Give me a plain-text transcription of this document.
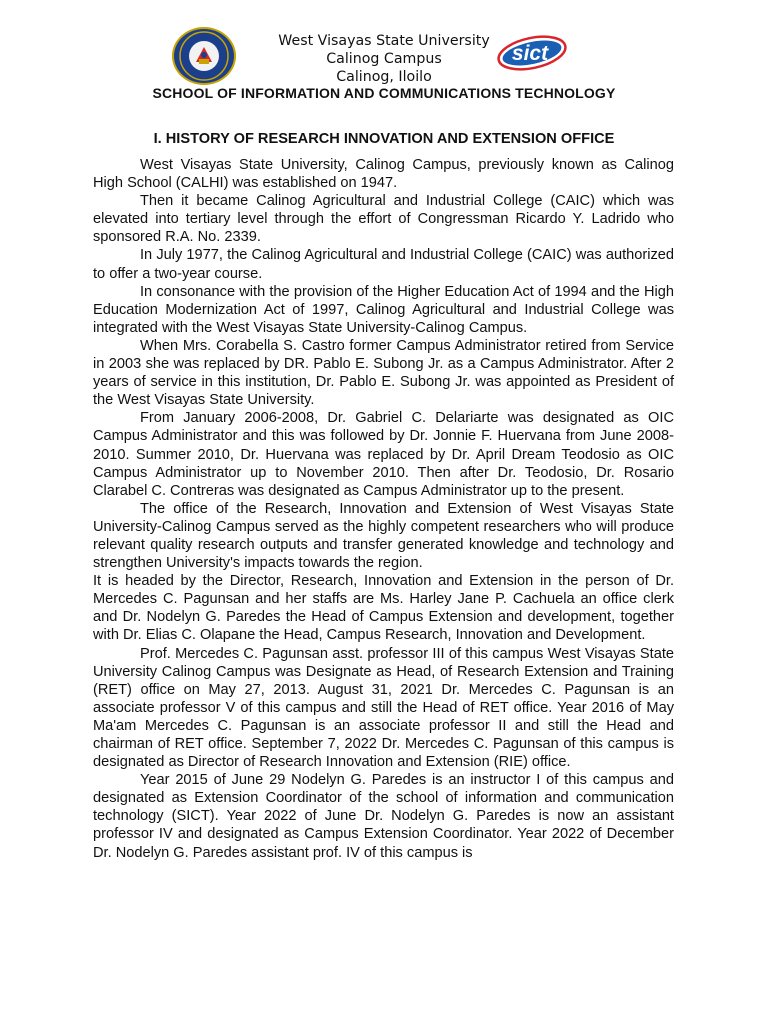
West Visayas State University
Calinog Campus
Calinog, Iloilo
sict
SCHOOL OF INFORMATION AND COMMUNICATIONS TECHNOLOGY
I. HISTORY OF RESEARCH INNOVATION AND EXTENSION OFFICE

West Visayas State University, Calinog Campus, previously known as Calinog High School (CALHI) was established on 1947.

Then it became Calinog Agricultural and Industrial College (CAIC) which was elevated into tertiary level through the effort of Congressman Ricardo Y. Ladrido who sponsored R.A. No. 2339.

In July 1977, the Calinog Agricultural and Industrial College (CAIC) was authorized to offer a two-year course.

In consonance with the provision of the Higher Education Act of 1994 and the High Education Modernization Act of 1997, Calinog Agricultural and Industrial College was integrated with the West Visayas State University-Calinog Campus.

When Mrs. Corabella S. Castro former Campus Administrator retired from Service in 2003 she was replaced by DR. Pablo E. Subong Jr. as a Campus Administrator. After 2 years of service in this institution, Dr. Pablo E. Subong Jr. was appointed as President of the West Visayas State University.

From January 2006-2008, Dr. Gabriel C. Delariarte was designated as OIC Campus Administrator and this was followed by Dr. Jonnie F. Huervana from June 2008- 2010. Summer 2010, Dr. Huervana was replaced by Dr. April Dream Teodosio as OIC Campus Administrator up to November 2010. Then after Dr. Teodosio, Dr. Rosario Clarabel C. Contreras was designated as Campus Administrator up to the present.

The office of the Research, Innovation and Extension of West Visayas State University-Calinog Campus served as the highly competent researchers who will produce relevant quality research outputs and transfer generated knowledge and technology and strengthen University's impacts towards the region.

It is headed by the Director, Research, Innovation and Extension in the person of Dr. Mercedes C. Pagunsan and her staffs are Ms. Harley Jane P. Cachuela an office clerk and Dr. Nodelyn G. Paredes the Head of Campus Extension and development, together with Dr. Elias C. Olapane the Head, Campus Research, Innovation and Development.

Prof. Mercedes C. Pagunsan asst. professor III of this campus West Visayas State University Calinog Campus was Designate as Head, of Research Extension and Training (RET) office on May 27, 2013. August 31, 2021 Dr. Mercedes C. Pagunsan is an associate professor V of this campus and still the Head of RET office. Year 2016 of May Ma'am Mercedes C. Pagunsan is an associate professor II and still the Head and chairman of RET office. September 7, 2022 Dr. Mercedes C. Pagunsan of this campus is designated as Director of Research Innovation and Extension (RIE) office.

Year 2015 of June 29 Nodelyn G. Paredes is an instructor I of this campus and designated as Extension Coordinator of the school of information and communication technology (SICT). Year 2022 of June Dr. Nodelyn G. Paredes is now an assistant professor IV and designated as Campus Extension Coordinator. Year 2022 of December Dr. Nodelyn G. Paredes assistant prof. IV of this campus is
